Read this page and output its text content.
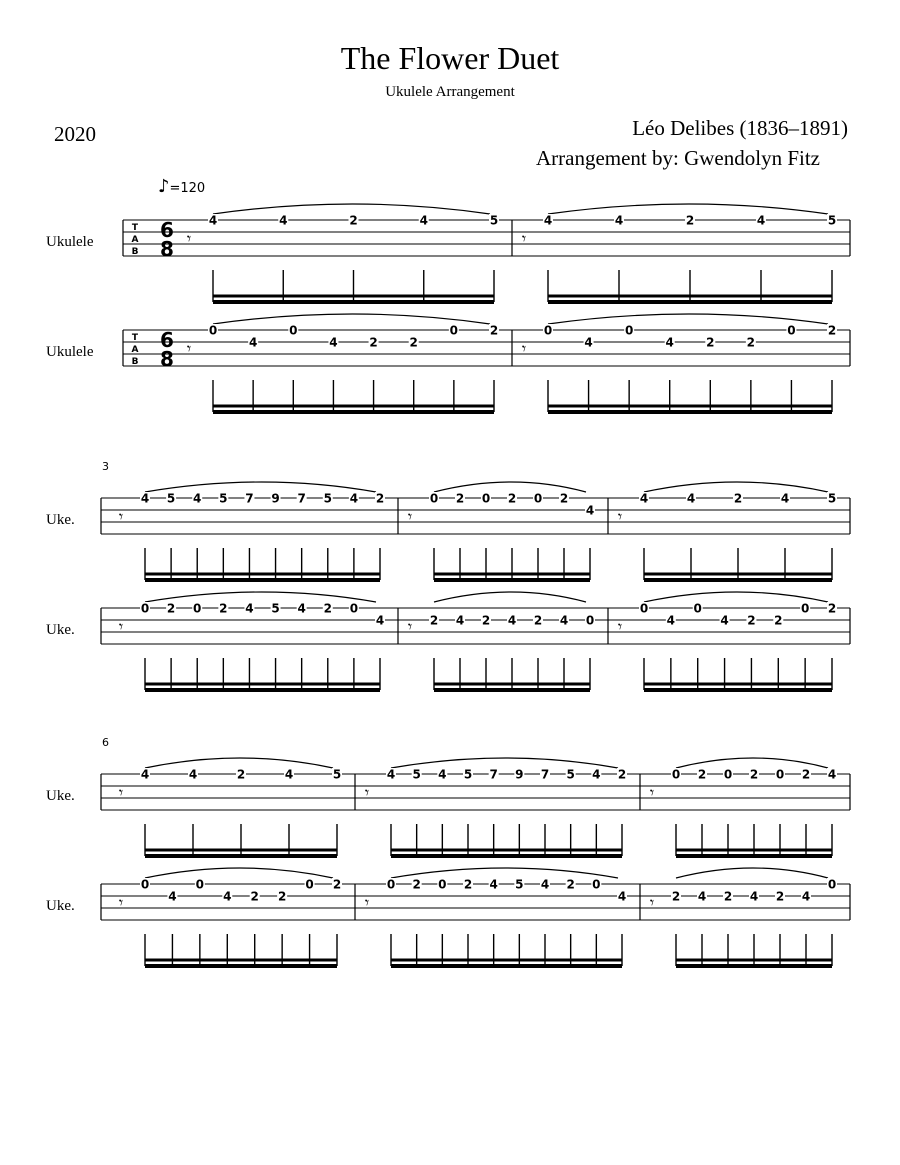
The Flower Duet
Ukulele Arrangement
2020	Léo Delibes (1836–1891)
Arrangement by: Gwendolyn Fitz
♪=120
Ukulele
Ukulele
Uke.
Uke.
Uke.
Uke.
T
A
B
6
8 𝄾
4	4	2	4	5
𝄾
4	4	2	4	5
T
A
B
6
8 𝄾
0
4
0
4	2	2
0	2
𝄾
0
4
0
4	2	2
0	2
𝄾
4 5 4 5 7 9 7 5 4 2
𝄾
0 2 0 2 0 2
4 𝄾
4	4	2	4	5
𝄾
0 2 0 2 4 5 4 2 0
4 𝄾 2 4 2 4 2 4 0 𝄾
0
4
0
4 2 2
0 2
3
𝄾
4	4	2	4	5
𝄾
4 5 4 5 7 9 7 5 4 2
𝄾
0 2 0 2 0 2 4
𝄾
0
4
0
4 2 2
0 2
𝄾
0 2 0 2 4 5 4 2 0
4 𝄾 2 4 2 4 2 4
0
6
